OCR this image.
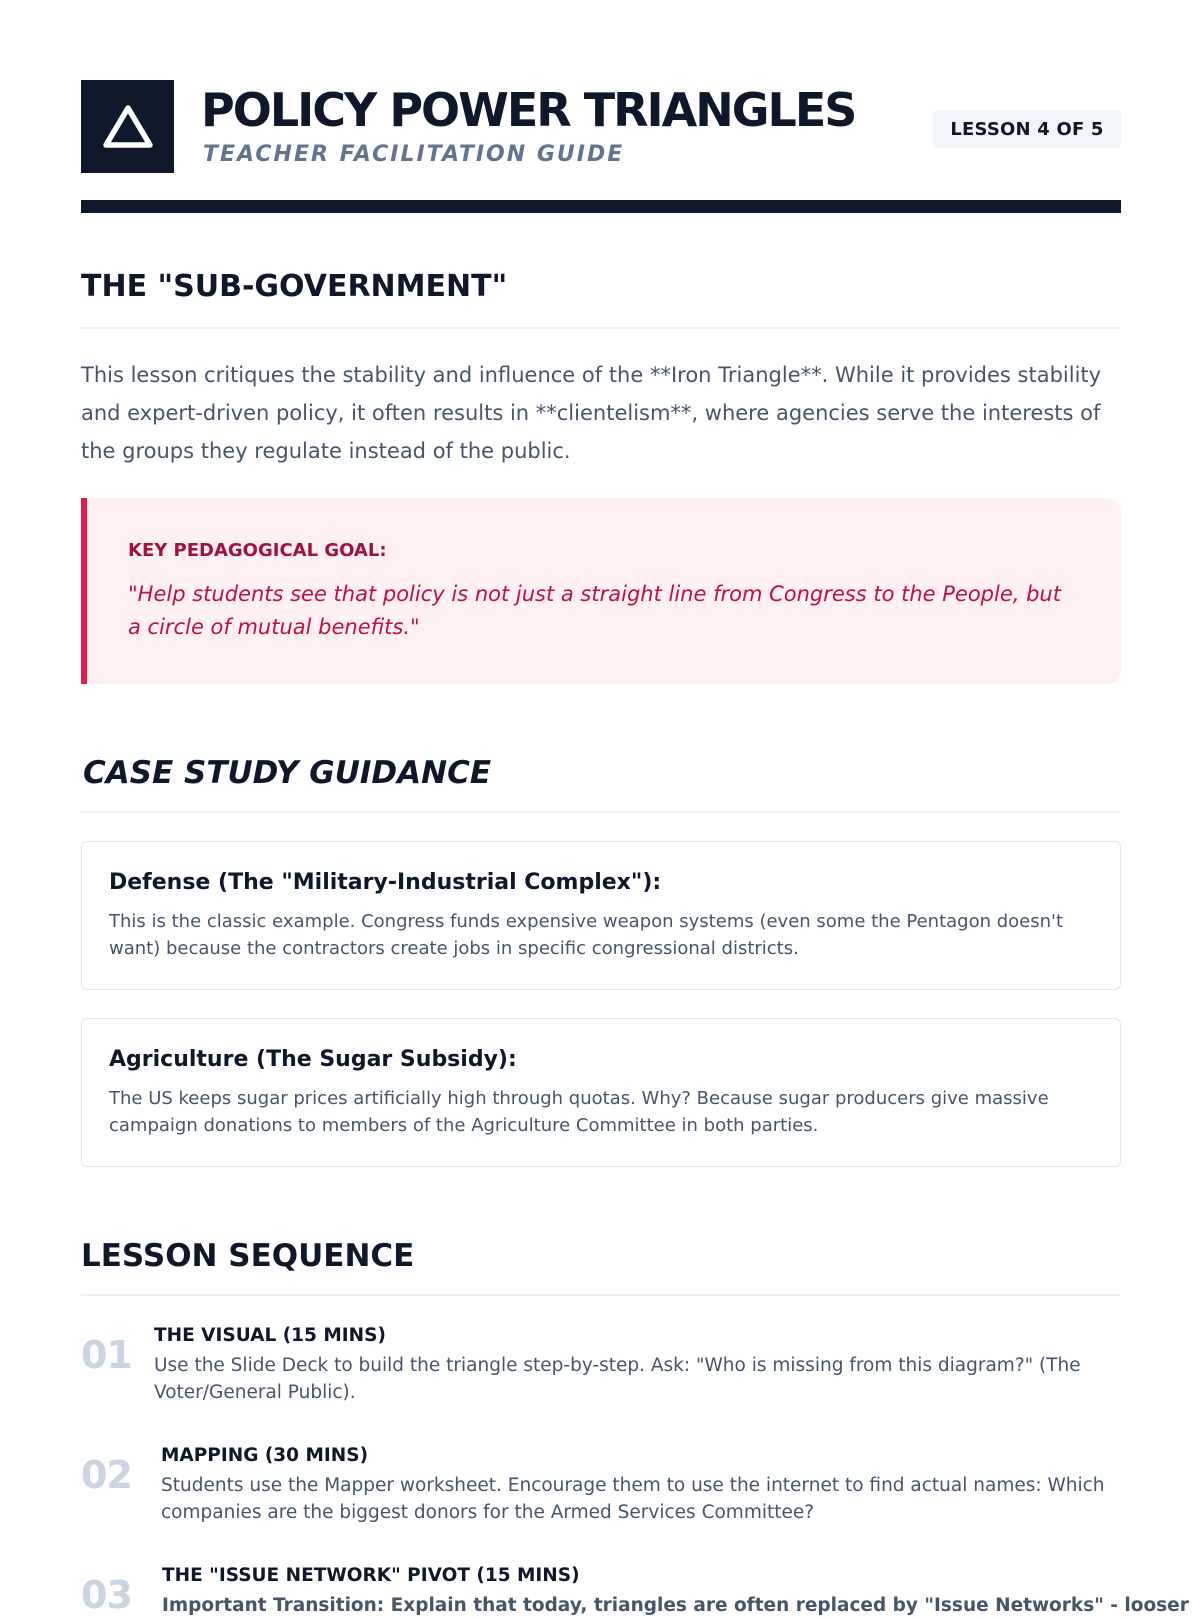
POLICY POWER TRIANGLES
TEACHER FACILITATION GUIDE
LESSON 4 OF 5
THE "SUB-GOVERNMENT"
This lesson critiques the stability and influence of the **Iron Triangle**. While it provides stability and expert-driven policy, it often results in **clientelism**, where agencies serve the interests of the groups they regulate instead of the public.
KEY PEDAGOGICAL GOAL:
"Help students see that policy is not just a straight line from Congress to the People, but a circle of mutual benefits."
CASE STUDY GUIDANCE
Defense (The "Military-Industrial Complex"):
This is the classic example. Congress funds expensive weapon systems (even some the Pentagon doesn't want) because the contractors create jobs in specific congressional districts.
Agriculture (The Sugar Subsidy):
The US keeps sugar prices artificially high through quotas. Why? Because sugar producers give massive campaign donations to members of the Agriculture Committee in both parties.
LESSON SEQUENCE
01 THE VISUAL (15 MINS)
Use the Slide Deck to build the triangle step-by-step. Ask: "Who is missing from this diagram?" (The Voter/General Public).
02 MAPPING (30 MINS)
Students use the Mapper worksheet. Encourage them to use the internet to find actual names: Which companies are the biggest donors for the Armed Services Committee?
03 THE "ISSUE NETWORK" PIVOT (15 MINS)
Important Transition: Explain that today, triangles are often replaced by "Issue Networks" - looser
